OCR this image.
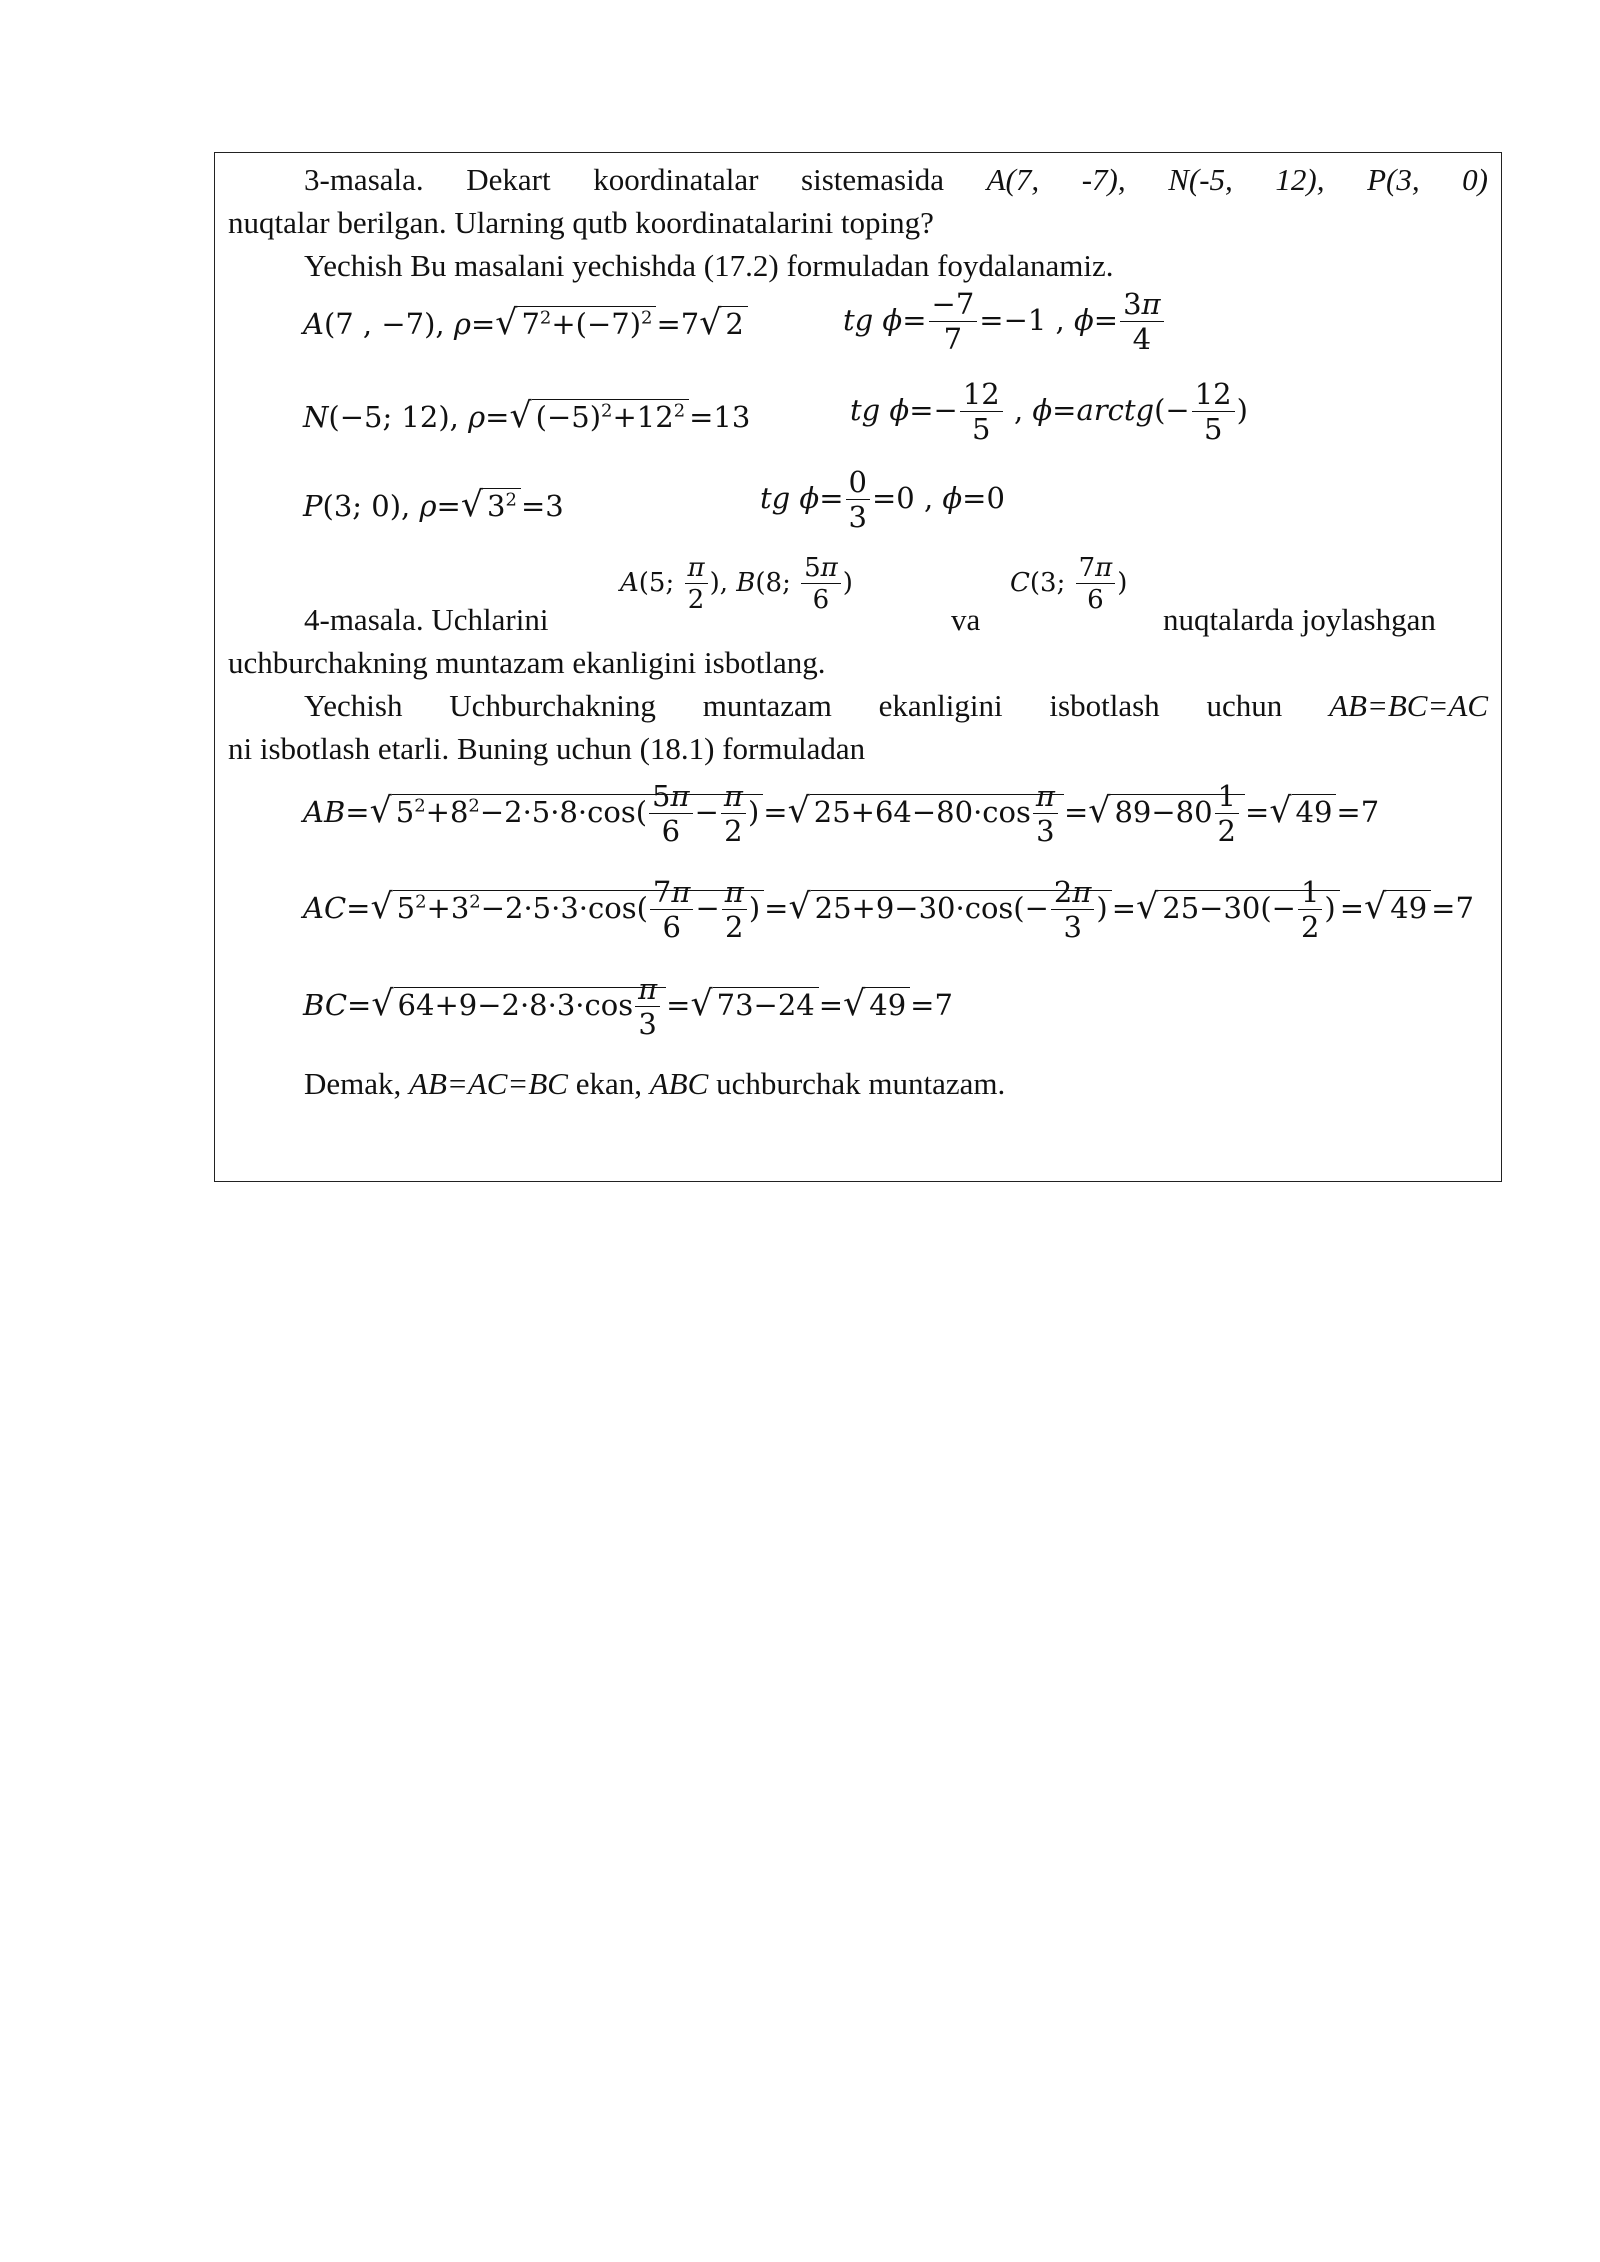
3-masala. Dekart koordinatalar sistemasida A(7, -7), N(-5, 12), P(3, 0)
nuqtalar berilgan. Ularning qutb koordinatalarini toping?
Yechish Bu masalani yechishda (17.2) formuladan foydalanamiz.
A(7 , −7), ρ=√ $7^2+(-7)^2 =7√$ 2	tg $\phi= \frac{-7}{7} =-1$ , $\phi= \frac{3\pi}{4}$
N(−5; 12), ρ=√ $(-5)^2+12^2 =13$	tg $\phi=- \frac{12}{5}$ , ϕ=arctg(− $\frac{12}{5}$ )
P(3; 0), ρ=√ $3^2 =3$	tg $\phi= \frac{0}{3} =0$ , ϕ=0
4-masala. Uchlarini
A(5; $\frac{\pi}{2}$ ), B(8; $\frac{5\pi}{6}$ )
va
C(3; $\frac{7\pi}{6}$ )
nuqtalarda joylashgan
uchburchakning muntazam ekanligini isbotlang.
Yechish Uchburchakning muntazam ekanligini isbotlash uchun AB=BC=AC
ni isbotlash etarli. Buning uchun (18.1) formuladan
AB=√ $5^2+8^2-2\cdot 5\cdot 8\cdot\cos( \frac{5\pi}{6} - \frac{\pi}{2}$ ) =√ $25+64-80\cdot\cos \frac{\pi}{3}$ =√ $89-80 \frac{1}{2}$ =√ 49 =7
AC=√ $5^2+3^2-2\cdot 5\cdot 3\cdot\cos( \frac{7\pi}{6} - \frac{\pi}{2}$ ) =√ $25+9-30\cdot\cos(- \frac{2\pi}{3}$ ) =√ $25-30(- \frac{1}{2}$ ) =√ 49 =7
BC=√ $64+9-2\cdot 8\cdot 3\cdot\cos \frac{\pi}{3}$ =√ 73−24 =√ 49 =7
Demak, AB=AC=BC ekan, ABC uchburchak muntazam.
